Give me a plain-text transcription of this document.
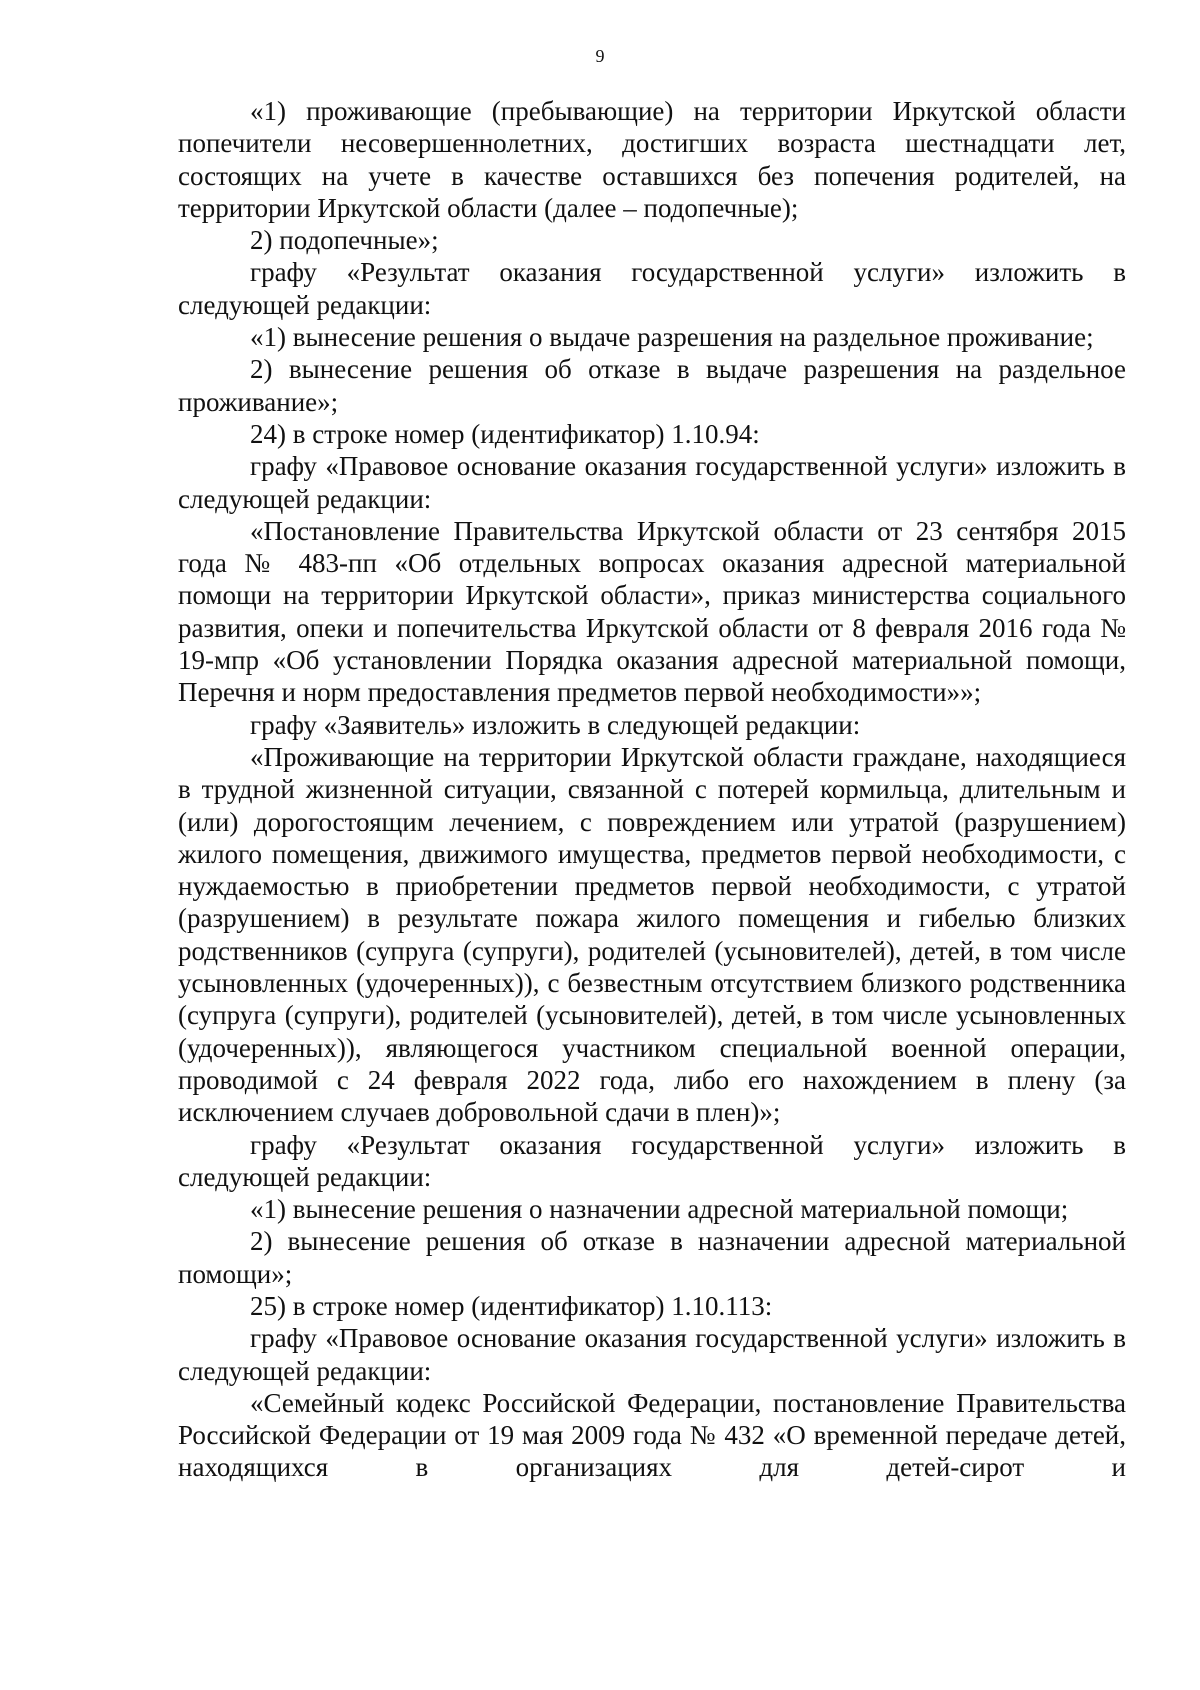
9

«1) проживающие (пребывающие) на территории Иркутской области попечители несовершеннолетних, достигших возраста шестнадцати лет, состоящих на учете в качестве оставшихся без попечения родителей, на территории Иркутской области (далее – подопечные);

2) подопечные»;

графу «Результат оказания государственной услуги» изложить в следующей редакции:

«1) вынесение решения о выдаче разрешения на раздельное проживание;

2) вынесение решения об отказе в выдаче разрешения на раздельное проживание»;

24) в строке номер (идентификатор) 1.10.94:

графу «Правовое основание оказания государственной услуги» изложить в следующей редакции:

«Постановление Правительства Иркутской области от 23 сентября 2015 года № 483-пп «Об отдельных вопросах оказания адресной материальной помощи на территории Иркутской области», приказ министерства социального развития, опеки и попечительства Иркутской области от 8 февраля 2016 года № 19-мпр «Об установлении Порядка оказания адресной материальной помощи, Перечня и норм предоставления предметов первой необходимости»»;

графу «Заявитель» изложить в следующей редакции:

«Проживающие на территории Иркутской области граждане, находящиеся в трудной жизненной ситуации, связанной с потерей кормильца, длительным и (или) дорогостоящим лечением, с повреждением или утратой (разрушением) жилого помещения, движимого имущества, предметов первой необходимости, с нуждаемостью в приобретении предметов первой необходимости, с утратой (разрушением) в результате пожара жилого помещения и гибелью близких родственников (супруга (супруги), родителей (усыновителей), детей, в том числе усыновленных (удочеренных)), с безвестным отсутствием близкого родственника (супруга (супруги), родителей (усыновителей), детей, в том числе усыновленных (удочеренных)), являющегося участником специальной военной операции, проводимой с 24 февраля 2022 года, либо его нахождением в плену (за исключением случаев добровольной сдачи в плен)»;

графу «Результат оказания государственной услуги» изложить в следующей редакции:

«1) вынесение решения о назначении адресной материальной помощи;

2) вынесение решения об отказе в назначении адресной материальной помощи»;

25) в строке номер (идентификатор) 1.10.113:

графу «Правовое основание оказания государственной услуги» изложить в следующей редакции:

«Семейный кодекс Российской Федерации, постановление Правительства Российской Федерации от 19 мая 2009 года № 432 «О временной передаче детей, находящихся в организациях для детей-сирот и
